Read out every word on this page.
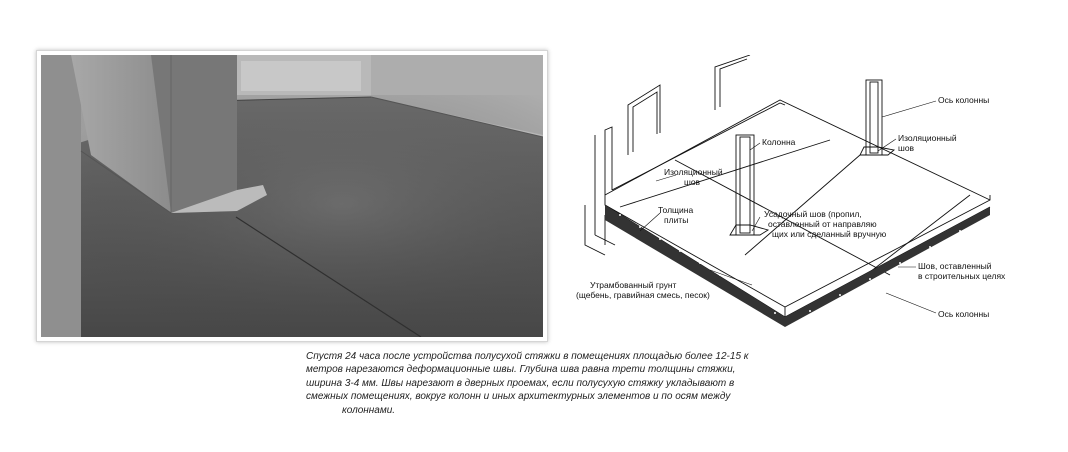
Ось колонны
Колонна	Изоляционный
шов
Изоляционный
шов
Толщина
плиты
Усадочный шов (пропил,
оставленный от направляю
щих или сделанный вручную
Шов, оставленный
в строительных целях
Утрамбованный грунт
(щебень, гравийная смесь, песок)
Ось колонны
Спустя 24 часа после устройства полусухой стяжки в помещениях площадью более 12-15 к
метров нарезаются деформационные швы. Глубина шва равна трети толщины стяжки,
ширина 3-4 мм. Швы нарезают в дверных проемах, если полусухую стяжку укладывают в
смежных помещениях, вокруг колонн и иных архитектурных элементов и по осям между
колоннами.
